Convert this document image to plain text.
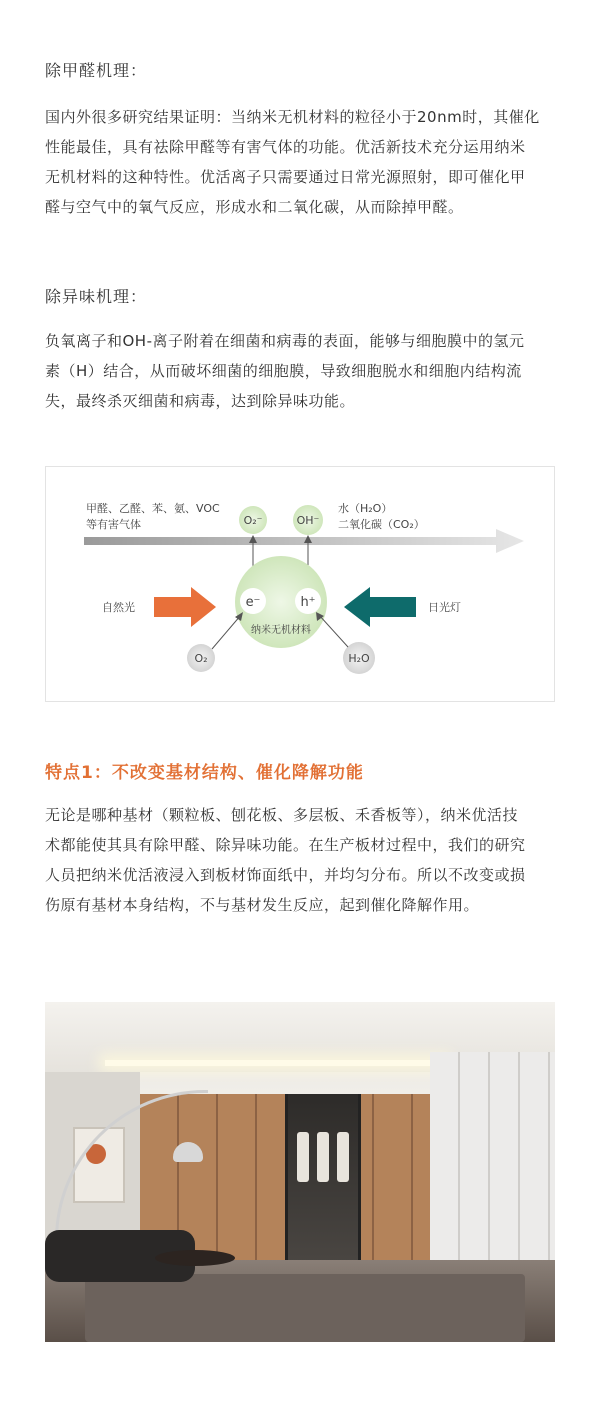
除甲醛机理：

国内外很多研究结果证明：当纳米无机材料的粒径小于20nm时，其催化

性能最佳，具有祛除甲醛等有害气体的功能。优活新技术充分运用纳米

无机材料的这种特性。优活离子只需要通过日常光源照射，即可催化甲

醛与空气中的氧气反应，形成水和二氧化碳，从而除掉甲醛。

除异味机理：

负氧离子和OH-离子附着在细菌和病毒的表面，能够与细胞膜中的氢元

素（H）结合，从而破坏细菌的细胞膜，导致细胞脱水和细胞内结构流

失，最终杀灭细菌和病毒，达到除异味功能。

甲醛、乙醛、苯、氨、VOC
等有害气体
水（H₂O）
二氧化碳（CO₂）
O₂⁻	OH⁻
e⁻	h⁺
纳米无机材料
自然光	日光灯
O₂	H₂O
特点1：不改变基材结构、催化降解功能

无论是哪种基材（颗粒板、刨花板、多层板、禾香板等），纳米优活技

术都能使其具有除甲醛、除异味功能。在生产板材过程中，我们的研究

人员把纳米优活液浸入到板材饰面纸中，并均匀分布。所以不改变或损

伤原有基材本身结构，不与基材发生反应，起到催化降解作用。
